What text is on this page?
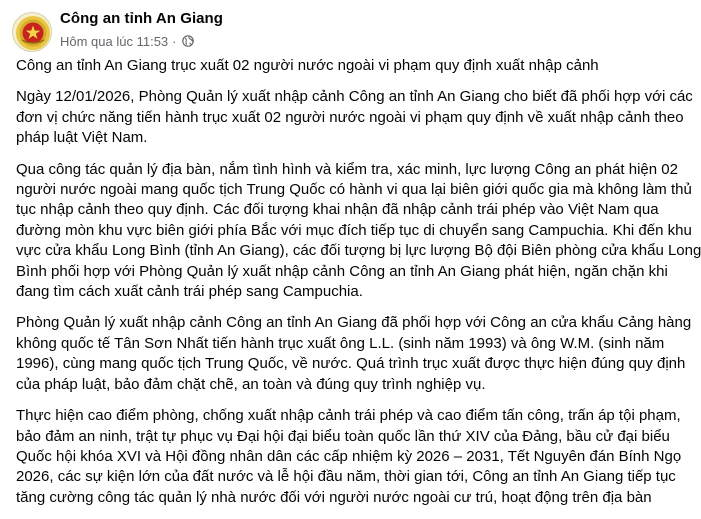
Công an tỉnh An Giang
Hôm qua lúc 11:53 ·

Công an tỉnh An Giang trục xuất 02 người nước ngoài vi phạm quy định xuất nhập cảnh

Ngày 12/01/2026, Phòng Quản lý xuất nhập cảnh Công an tỉnh An Giang cho biết đã phối hợp với các
đơn vị chức năng tiến hành trục xuất 02 người nước ngoài vi phạm quy định về xuất nhập cảnh theo
pháp luật Việt Nam.

Qua công tác quản lý địa bàn, nắm tình hình và kiểm tra, xác minh, lực lượng Công an phát hiện 02
người nước ngoài mang quốc tịch Trung Quốc có hành vi qua lại biên giới quốc gia mà không làm thủ
tục nhập cảnh theo quy định. Các đối tượng khai nhận đã nhập cảnh trái phép vào Việt Nam qua
đường mòn khu vực biên giới phía Bắc với mục đích tiếp tục di chuyển sang Campuchia. Khi đến khu
vực cửa khẩu Long Bình (tỉnh An Giang), các đối tượng bị lực lượng Bộ đội Biên phòng cửa khẩu Long
Bình phối hợp với Phòng Quản lý xuất nhập cảnh Công an tỉnh An Giang phát hiện, ngăn chặn khi
đang tìm cách xuất cảnh trái phép sang Campuchia.

Phòng Quản lý xuất nhập cảnh Công an tỉnh An Giang đã phối hợp với Công an cửa khẩu Cảng hàng
không quốc tế Tân Sơn Nhất tiến hành trục xuất ông L.L. (sinh năm 1993) và ông W.M. (sinh năm
1996), cùng mang quốc tịch Trung Quốc, về nước. Quá trình trục xuất được thực hiện đúng quy định
của pháp luật, bảo đảm chặt chẽ, an toàn và đúng quy trình nghiệp vụ.

Thực hiện cao điểm phòng, chống xuất nhập cảnh trái phép và cao điểm tấn công, trấn áp tội phạm,
bảo đảm an ninh, trật tự phục vụ Đại hội đại biểu toàn quốc lần thứ XIV của Đảng, bầu cử đại biểu
Quốc hội khóa XVI và Hội đồng nhân dân các cấp nhiệm kỳ 2026 – 2031, Tết Nguyên đán Bính Ngọ
2026, các sự kiện lớn của đất nước và lễ hội đầu năm, thời gian tới, Công an tỉnh An Giang tiếp tục
tăng cường công tác quản lý nhà nước đối với người nước ngoài cư trú, hoạt động trên địa bàn
